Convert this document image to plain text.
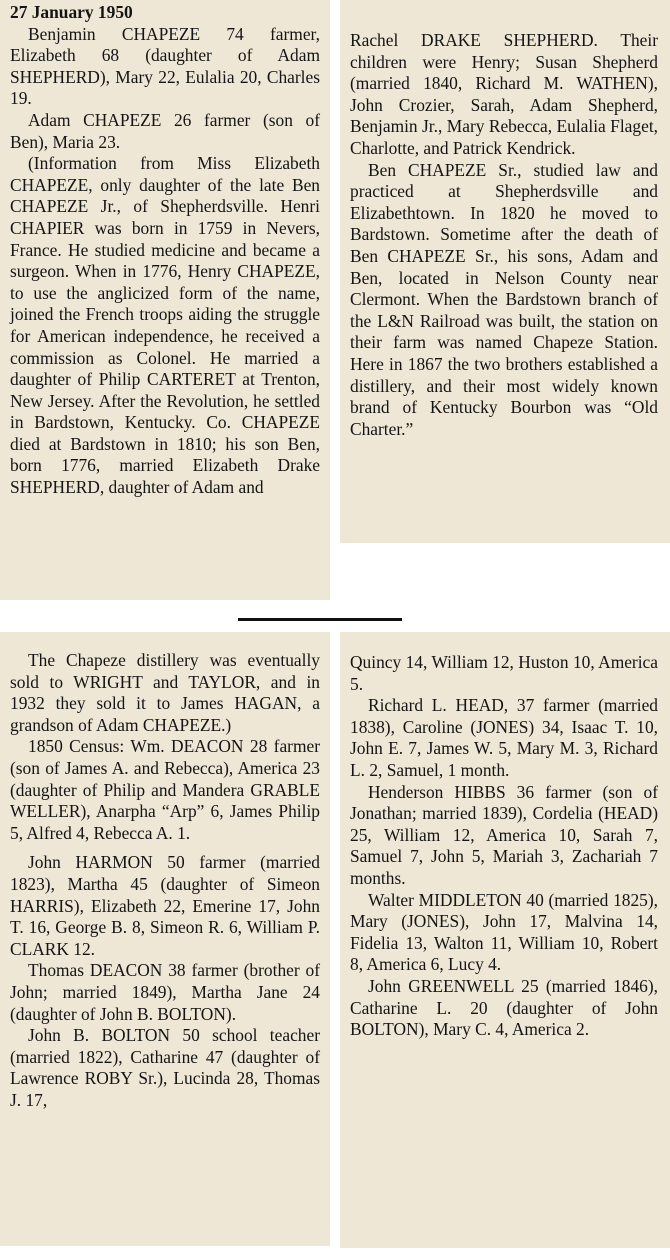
27 January 1950

Benjamin CHAPEZE 74 farmer, Elizabeth 68 (daughter of Adam SHEPHERD), Mary 22, Eulalia 20, Charles 19.

Adam CHAPEZE 26 farmer (son of Ben), Maria 23.

(Information from Miss Elizabeth CHAPEZE, only daughter of the late Ben CHAPEZE Jr., of Shepherdsville. Henri CHAPIER was born in 1759 in Nevers, France. He studied medicine and became a surgeon. When in 1776, Henry CHAPEZE, to use the anglicized form of the name, joined the French troops aiding the struggle for American independence, he received a commission as Colonel. He married a daughter of Philip CARTERET at Trenton, New Jersey. After the Revolution, he settled in Bardstown, Kentucky. Co. CHAPEZE died at Bardstown in 1810; his son Ben, born 1776, married Elizabeth Drake SHEPHERD, daughter of Adam and

Rachel DRAKE SHEPHERD. Their children were Henry; Susan Shepherd (married 1840, Richard M. WATHEN), John Crozier, Sarah, Adam Shepherd, Benjamin Jr., Mary Rebecca, Eulalia Flaget, Charlotte, and Patrick Kendrick.

Ben CHAPEZE Sr., studied law and practiced at Shepherdsville and Elizabethtown. In 1820 he moved to Bardstown. Sometime after the death of Ben CHAPEZE Sr., his sons, Adam and Ben, located in Nelson County near Clermont. When the Bardstown branch of the L&N Railroad was built, the station on their farm was named Chapeze Station. Here in 1867 the two brothers established a distillery, and their most widely known brand of Kentucky Bourbon was “Old Charter.”

The Chapeze distillery was eventually sold to WRIGHT and TAYLOR, and in 1932 they sold it to James HAGAN, a grandson of Adam CHAPEZE.)

1850 Census: Wm. DEACON 28 farmer (son of James A. and Rebecca), America 23 (daughter of Philip and Mandera GRABLE WELLER), Anarpha “Arp” 6, James Philip 5, Alfred 4, Rebecca A. 1.

John HARMON 50 farmer (married 1823), Martha 45 (daughter of Simeon HARRIS), Elizabeth 22, Emerine 17, John T. 16, George B. 8, Simeon R. 6, William P. CLARK 12.

Thomas DEACON 38 farmer (brother of John; married 1849), Martha Jane 24 (daughter of John B. BOLTON).

John B. BOLTON 50 school teacher (married 1822), Catharine 47 (daughter of Lawrence ROBY Sr.), Lucinda 28, Thomas J. 17,

Quincy 14, William 12, Huston 10, America 5.

Richard L. HEAD, 37 farmer (married 1838), Caroline (JONES) 34, Isaac T. 10, John E. 7, James W. 5, Mary M. 3, Richard L. 2, Samuel, 1 month.

Henderson HIBBS 36 farmer (son of Jonathan; married 1839), Cordelia (HEAD) 25, William 12, America 10, Sarah 7, Samuel 7, John 5, Mariah 3, Zachariah 7 months.

Walter MIDDLETON 40 (married 1825), Mary (JONES), John 17, Malvina 14, Fidelia 13, Walton 11, William 10, Robert 8, America 6, Lucy 4.

John GREENWELL 25 (married 1846), Catharine L. 20 (daughter of John BOLTON), Mary C. 4, America 2.
